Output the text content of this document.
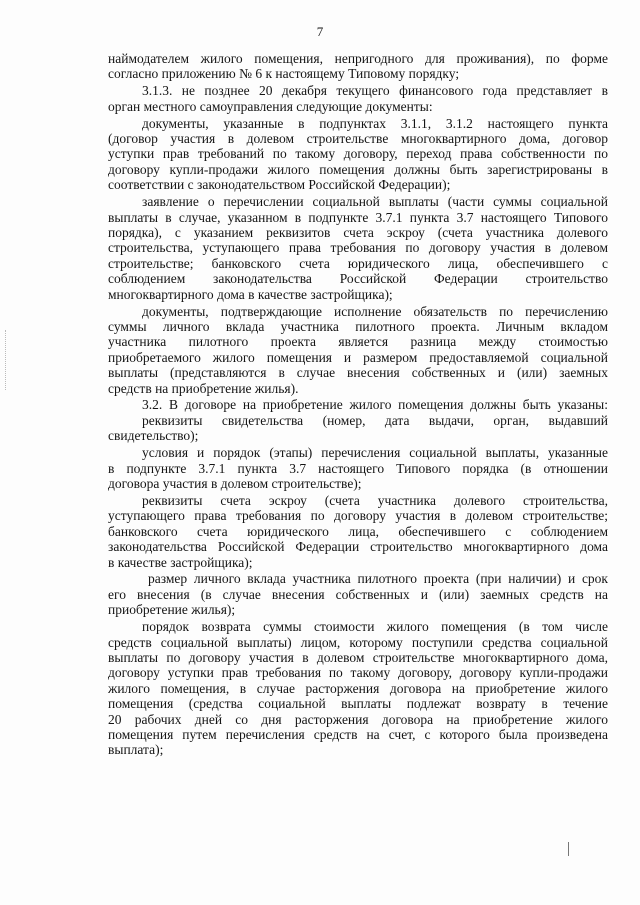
7
наймодателем жилого помещения, непригодного для проживания), по форме
согласно приложению № 6 к настоящему Типовому порядку;
3.1.3. не позднее 20 декабря текущего финансового года представляет в
орган местного самоуправления следующие документы:
документы, указанные в подпунктах 3.1.1, 3.1.2 настоящего пункта
(договор участия в долевом строительстве многоквартирного дома, договор
уступки прав требований по такому договору, переход права собственности по
договору купли-продажи жилого помещения должны быть зарегистрированы в
соответствии с законодательством Российской Федерации);
заявление о перечислении социальной выплаты (части суммы социальной
выплаты в случае, указанном в подпункте 3.7.1 пункта 3.7 настоящего Типового
порядка), с указанием реквизитов счета эскроу (счета участника долевого
строительства, уступающего права требования по договору участия в долевом
строительстве; банковского счета юридического лица, обеспечившего с
соблюдением законодательства Российской Федерации строительство
многоквартирного дома в качестве застройщика);
документы, подтверждающие исполнение обязательств по перечислению
суммы личного вклада участника пилотного проекта. Личным вкладом
участника пилотного проекта является разница между стоимостью
приобретаемого жилого помещения и размером предоставляемой социальной
выплаты (представляются в случае внесения собственных и (или) заемных
средств на приобретение жилья).
3.2. В договоре на приобретение жилого помещения должны быть указаны:
реквизиты свидетельства (номер, дата выдачи, орган, выдавший
свидетельство);
условия и порядок (этапы) перечисления социальной выплаты, указанные
в подпункте 3.7.1 пункта 3.7 настоящего Типового порядка (в отношении
договора участия в долевом строительстве);
реквизиты счета эскроу (счета участника долевого строительства,
уступающего права требования по договору участия в долевом строительстве;
банковского счета юридического лица, обеспечившего с соблюдением
законодательства Российской Федерации строительство многоквартирного дома
в качестве застройщика);
размер личного вклада участника пилотного проекта (при наличии) и срок
его внесения (в случае внесения собственных и (или) заемных средств на
приобретение жилья);
порядок возврата суммы стоимости жилого помещения (в том числе
средств социальной выплаты) лицом, которому поступили средства социальной
выплаты по договору участия в долевом строительстве многоквартирного дома,
договору уступки прав требования по такому договору, договору купли-продажи
жилого помещения, в случае расторжения договора на приобретение жилого
помещения (средства социальной выплаты подлежат возврату в течение
20 рабочих дней со дня расторжения договора на приобретение жилого
помещения путем перечисления средств на счет, с которого была произведена
выплата);
